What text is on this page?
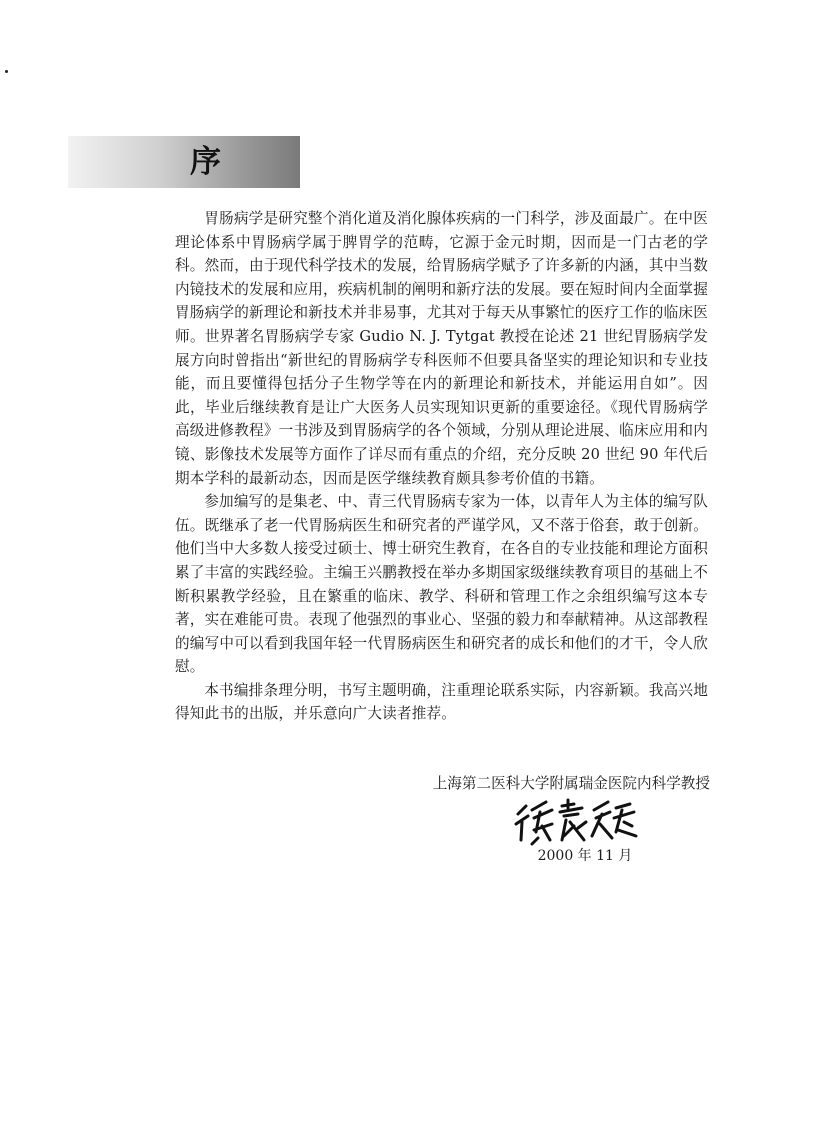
序

胃肠病学是研究整个消化道及消化腺体疾病的一门科学，涉及面最广。在中医理论体系中胃肠病学属于脾胃学的范畴，它源于金元时期，因而是一门古老的学科。然而，由于现代科学技术的发展，给胃肠病学赋予了许多新的内涵，其中当数内镜技术的发展和应用，疾病机制的阐明和新疗法的发展。要在短时间内全面掌握胃肠病学的新理论和新技术并非易事，尤其对于每天从事繁忙的医疗工作的临床医师。世界著名胃肠病学专家 Gudio N. J. Tytgat 教授在论述 21 世纪胃肠病学发展方向时曾指出“新世纪的胃肠病学专科医师不但要具备坚实的理论知识和专业技能，而且要懂得包括分子生物学等在内的新理论和新技术，并能运用自如”。因此，毕业后继续教育是让广大医务人员实现知识更新的重要途径。《现代胃肠病学高级进修教程》一书涉及到胃肠病学的各个领域，分别从理论进展、临床应用和内镜、影像技术发展等方面作了详尽而有重点的介绍，充分反映 20 世纪 90 年代后期本学科的最新动态，因而是医学继续教育颇具参考价值的书籍。

参加编写的是集老、中、青三代胃肠病专家为一体，以青年人为主体的编写队伍。既继承了老一代胃肠病医生和研究者的严谨学风，又不落于俗套，敢于创新。他们当中大多数人接受过硕士、博士研究生教育，在各自的专业技能和理论方面积累了丰富的实践经验。主编王兴鹏教授在举办多期国家级继续教育项目的基础上不断积累教学经验，且在繁重的临床、教学、科研和管理工作之余组织编写这本专著，实在难能可贵。表现了他强烈的事业心、坚强的毅力和奉献精神。从这部教程的编写中可以看到我国年轻一代胃肠病医生和研究者的成长和他们的才干，令人欣慰。

本书编排条理分明，书写主题明确，注重理论联系实际，内容新颖。我高兴地得知此书的出版，并乐意向广大读者推荐。

上海第二医科大学附属瑞金医院内科学教授
2000 年 11 月
